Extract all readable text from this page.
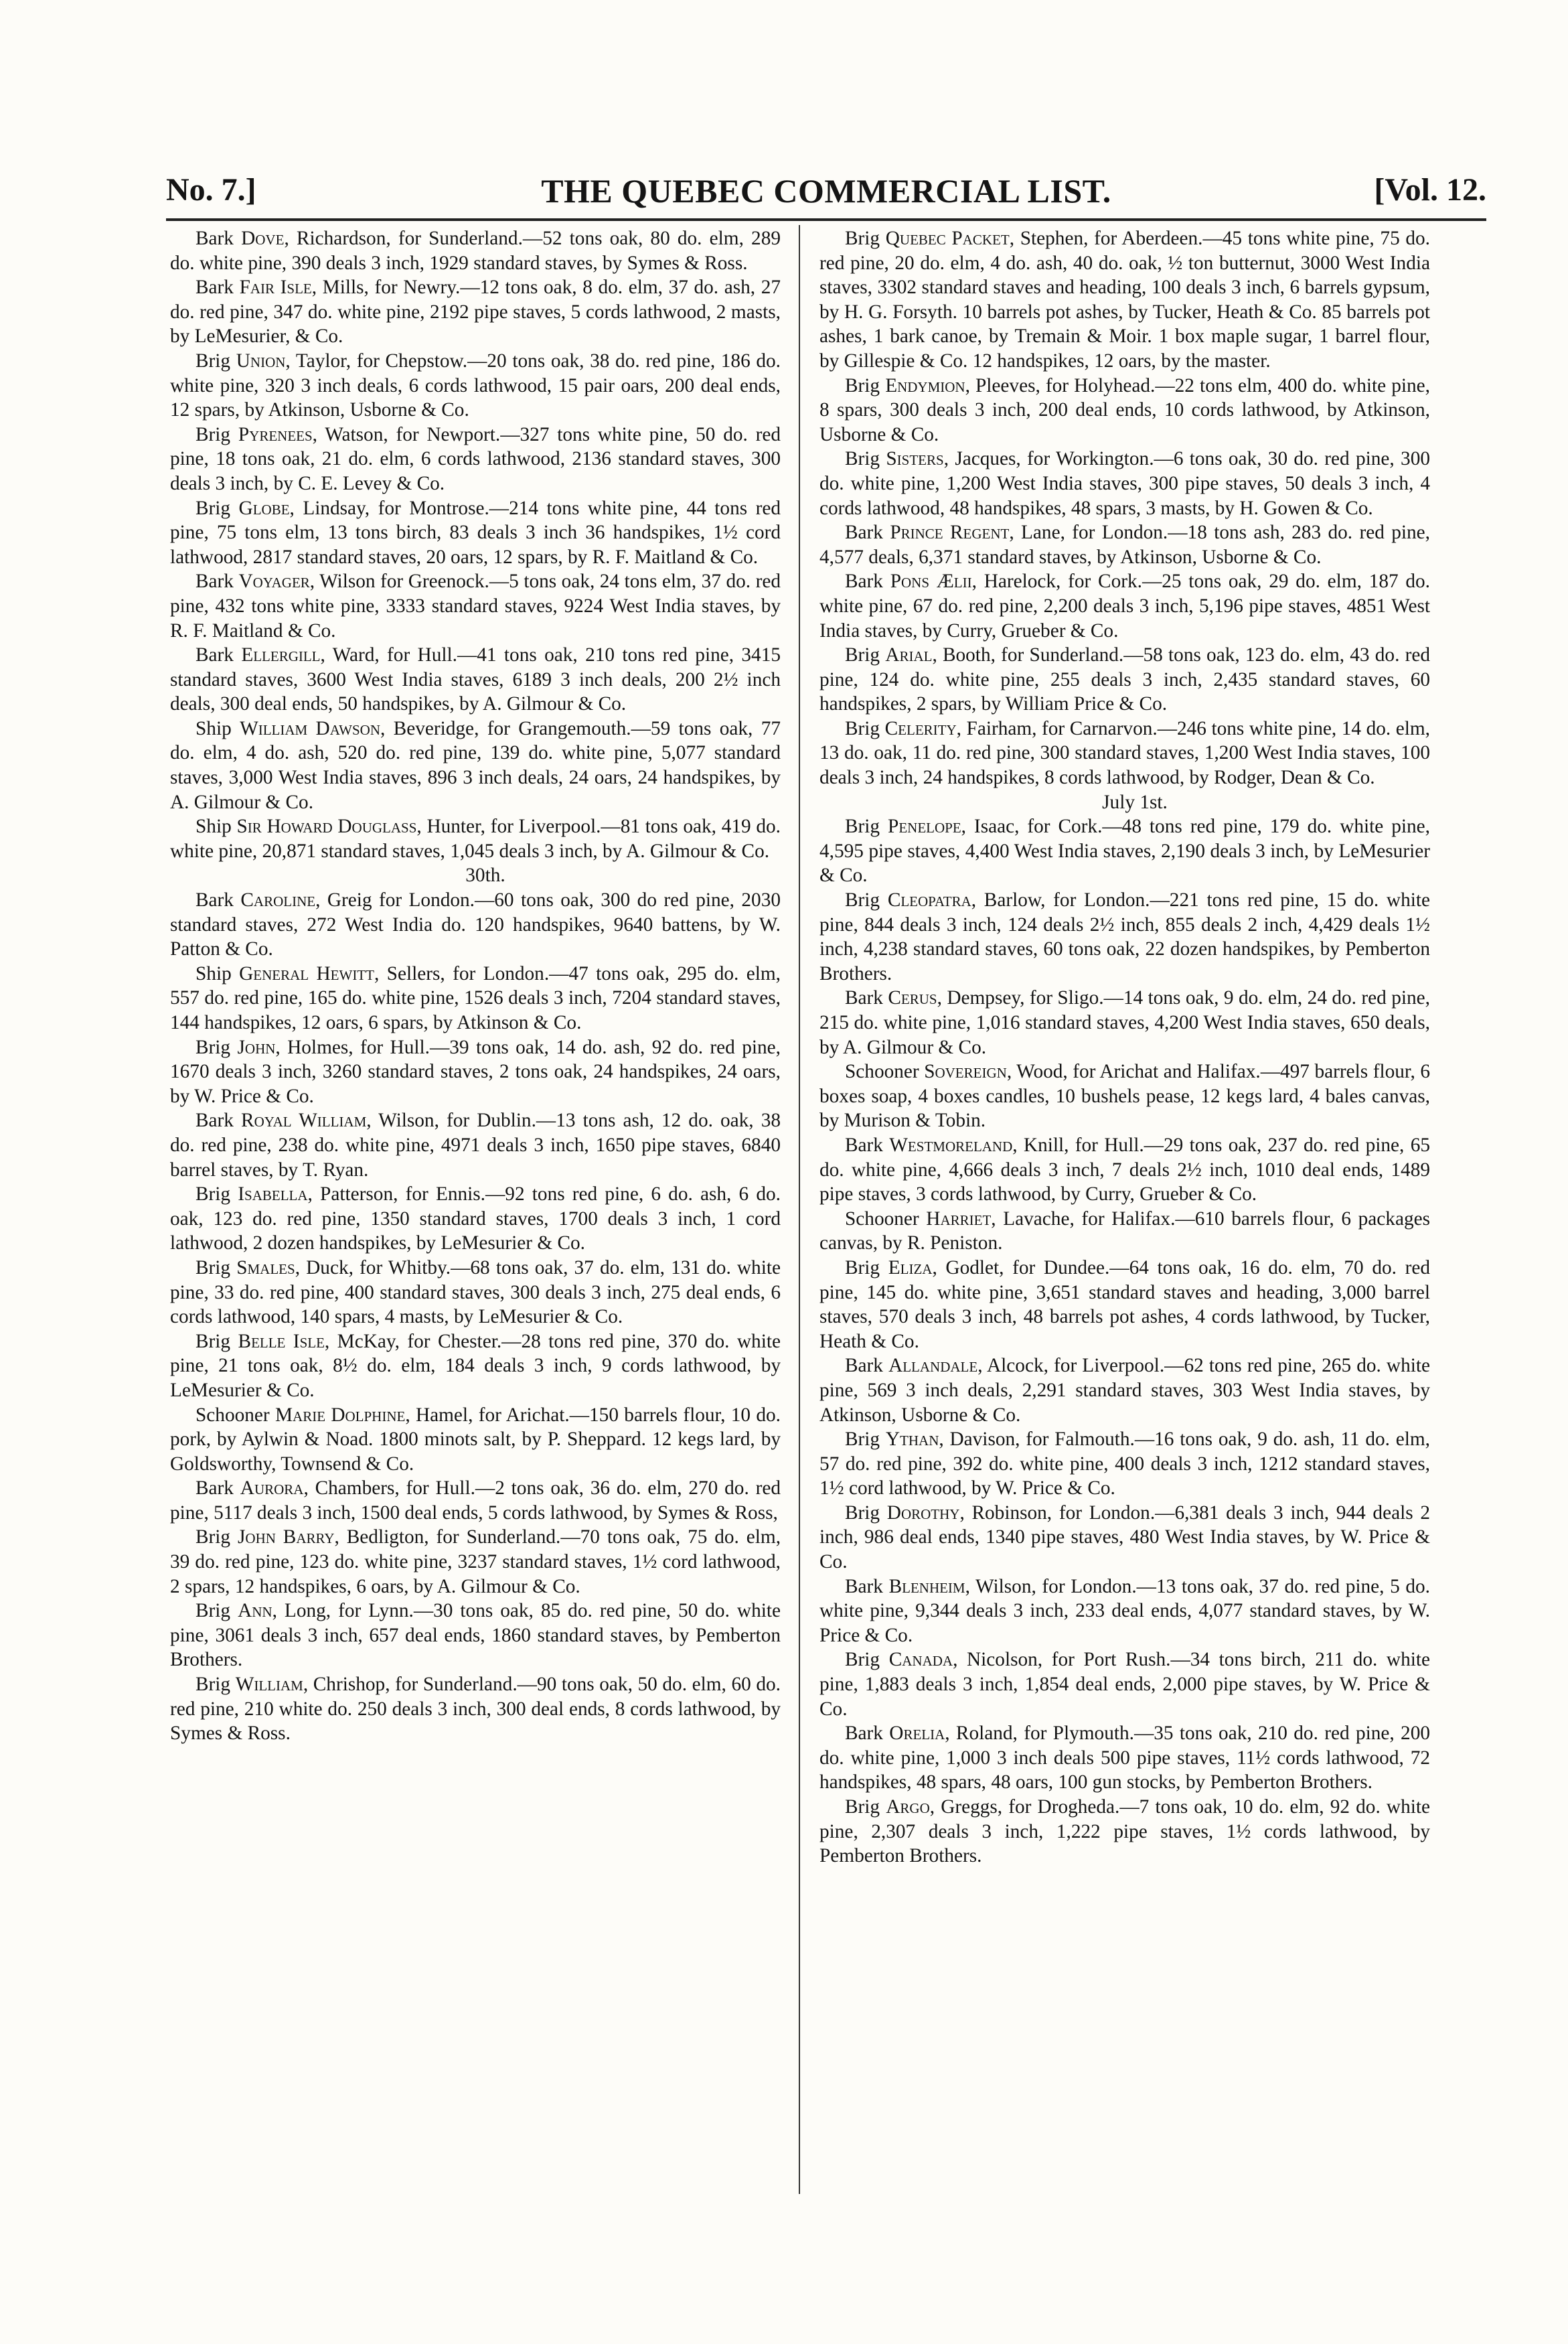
No. 7.]	THE QUEBEC COMMERCIAL LIST.	[Vol. 12.

Bark Dove, Richardson, for Sunderland.—52 tons oak, 80 do. elm, 289 do. white pine, 390 deals 3 inch, 1929 standard staves, by Symes & Ross.

Bark Fair Isle, Mills, for Newry.—12 tons oak, 8 do. elm, 37 do. ash, 27 do. red pine, 347 do. white pine, 2192 pipe staves, 5 cords lathwood, 2 masts, by LeMesurier, & Co.

Brig Union, Taylor, for Chepstow.—20 tons oak, 38 do. red pine, 186 do. white pine, 320 3 inch deals, 6 cords lathwood, 15 pair oars, 200 deal ends, 12 spars, by Atkinson, Usborne & Co.

Brig Pyrenees, Watson, for Newport.—327 tons white pine, 50 do. red pine, 18 tons oak, 21 do. elm, 6 cords lathwood, 2136 standard staves, 300 deals 3 inch, by C. E. Levey & Co.

Brig Globe, Lindsay, for Montrose.—214 tons white pine, 44 tons red pine, 75 tons elm, 13 tons birch, 83 deals 3 inch 36 handspikes, 1½ cord lathwood, 2817 standard staves, 20 oars, 12 spars, by R. F. Maitland & Co.

Bark Voyager, Wilson for Greenock.—5 tons oak, 24 tons elm, 37 do. red pine, 432 tons white pine, 3333 standard staves, 9224 West India staves, by R. F. Maitland & Co.

Bark Ellergill, Ward, for Hull.—41 tons oak, 210 tons red pine, 3415 standard staves, 3600 West India staves, 6189 3 inch deals, 200 2½ inch deals, 300 deal ends, 50 handspikes, by A. Gilmour & Co.

Ship William Dawson, Beveridge, for Grangemouth.—59 tons oak, 77 do. elm, 4 do. ash, 520 do. red pine, 139 do. white pine, 5,077 standard staves, 3,000 West India staves, 896 3 inch deals, 24 oars, 24 handspikes, by A. Gilmour & Co.

Ship Sir Howard Douglass, Hunter, for Liverpool.—81 tons oak, 419 do. white pine, 20,871 standard staves, 1,045 deals 3 inch, by A. Gilmour & Co.

30th.

Bark Caroline, Greig for London.—60 tons oak, 300 do red pine, 2030 standard staves, 272 West India do. 120 handspikes, 9640 battens, by W. Patton & Co.

Ship General Hewitt, Sellers, for London.—47 tons oak, 295 do. elm, 557 do. red pine, 165 do. white pine, 1526 deals 3 inch, 7204 standard staves, 144 handspikes, 12 oars, 6 spars, by Atkinson & Co.

Brig John, Holmes, for Hull.—39 tons oak, 14 do. ash, 92 do. red pine, 1670 deals 3 inch, 3260 standard staves, 2 tons oak, 24 handspikes, 24 oars, by W. Price & Co.

Bark Royal William, Wilson, for Dublin.—13 tons ash, 12 do. oak, 38 do. red pine, 238 do. white pine, 4971 deals 3 inch, 1650 pipe staves, 6840 barrel staves, by T. Ryan.

Brig Isabella, Patterson, for Ennis.—92 tons red pine, 6 do. ash, 6 do. oak, 123 do. red pine, 1350 standard staves, 1700 deals 3 inch, 1 cord lathwood, 2 dozen handspikes, by LeMesurier & Co.

Brig Smales, Duck, for Whitby.—68 tons oak, 37 do. elm, 131 do. white pine, 33 do. red pine, 400 standard staves, 300 deals 3 inch, 275 deal ends, 6 cords lathwood, 140 spars, 4 masts, by LeMesurier & Co.

Brig Belle Isle, McKay, for Chester.—28 tons red pine, 370 do. white pine, 21 tons oak, 8½ do. elm, 184 deals 3 inch, 9 cords lathwood, by LeMesurier & Co.

Schooner Marie Dolphine, Hamel, for Arichat.—150 barrels flour, 10 do. pork, by Aylwin & Noad. 1800 minots salt, by P. Sheppard. 12 kegs lard, by Goldsworthy, Townsend & Co.

Bark Aurora, Chambers, for Hull.—2 tons oak, 36 do. elm, 270 do. red pine, 5117 deals 3 inch, 1500 deal ends, 5 cords lathwood, by Symes & Ross,

Brig John Barry, Bedligton, for Sunderland.—70 tons oak, 75 do. elm, 39 do. red pine, 123 do. white pine, 3237 standard staves, 1½ cord lathwood, 2 spars, 12 handspikes, 6 oars, by A. Gilmour & Co.

Brig Ann, Long, for Lynn.—30 tons oak, 85 do. red pine, 50 do. white pine, 3061 deals 3 inch, 657 deal ends, 1860 standard staves, by Pemberton Brothers.

Brig William, Chrishop, for Sunderland.—90 tons oak, 50 do. elm, 60 do. red pine, 210 white do. 250 deals 3 inch, 300 deal ends, 8 cords lathwood, by Symes & Ross.

Brig Quebec Packet, Stephen, for Aberdeen.—45 tons white pine, 75 do. red pine, 20 do. elm, 4 do. ash, 40 do. oak, ½ ton butternut, 3000 West India staves, 3302 standard staves and heading, 100 deals 3 inch, 6 barrels gypsum, by H. G. Forsyth. 10 barrels pot ashes, by Tucker, Heath & Co. 85 barrels pot ashes, 1 bark canoe, by Tremain & Moir. 1 box maple sugar, 1 barrel flour, by Gillespie & Co. 12 handspikes, 12 oars, by the master.

Brig Endymion, Pleeves, for Holyhead.—22 tons elm, 400 do. white pine, 8 spars, 300 deals 3 inch, 200 deal ends, 10 cords lathwood, by Atkinson, Usborne & Co.

Brig Sisters, Jacques, for Workington.—6 tons oak, 30 do. red pine, 300 do. white pine, 1,200 West India staves, 300 pipe staves, 50 deals 3 inch, 4 cords lathwood, 48 handspikes, 48 spars, 3 masts, by H. Gowen & Co.

Bark Prince Regent, Lane, for London.—18 tons ash, 283 do. red pine, 4,577 deals, 6,371 standard staves, by Atkinson, Usborne & Co.

Bark Pons Ælii, Harelock, for Cork.—25 tons oak, 29 do. elm, 187 do. white pine, 67 do. red pine, 2,200 deals 3 inch, 5,196 pipe staves, 4851 West India staves, by Curry, Grueber & Co.

Brig Arial, Booth, for Sunderland.—58 tons oak, 123 do. elm, 43 do. red pine, 124 do. white pine, 255 deals 3 inch, 2,435 standard staves, 60 handspikes, 2 spars, by William Price & Co.

Brig Celerity, Fairham, for Carnarvon.—246 tons white pine, 14 do. elm, 13 do. oak, 11 do. red pine, 300 standard staves, 1,200 West India staves, 100 deals 3 inch, 24 handspikes, 8 cords lathwood, by Rodger, Dean & Co.

July 1st.

Brig Penelope, Isaac, for Cork.—48 tons red pine, 179 do. white pine, 4,595 pipe staves, 4,400 West India staves, 2,190 deals 3 inch, by LeMesurier & Co.

Brig Cleopatra, Barlow, for London.—221 tons red pine, 15 do. white pine, 844 deals 3 inch, 124 deals 2½ inch, 855 deals 2 inch, 4,429 deals 1½ inch, 4,238 standard staves, 60 tons oak, 22 dozen handspikes, by Pemberton Brothers.

Bark Cerus, Dempsey, for Sligo.—14 tons oak, 9 do. elm, 24 do. red pine, 215 do. white pine, 1,016 standard staves, 4,200 West India staves, 650 deals, by A. Gilmour & Co.

Schooner Sovereign, Wood, for Arichat and Halifax.—497 barrels flour, 6 boxes soap, 4 boxes candles, 10 bushels pease, 12 kegs lard, 4 bales canvas, by Murison & Tobin.

Bark Westmoreland, Knill, for Hull.—29 tons oak, 237 do. red pine, 65 do. white pine, 4,666 deals 3 inch, 7 deals 2½ inch, 1010 deal ends, 1489 pipe staves, 3 cords lathwood, by Curry, Grueber & Co.

Schooner Harriet, Lavache, for Halifax.—610 barrels flour, 6 packages canvas, by R. Peniston.

Brig Eliza, Godlet, for Dundee.—64 tons oak, 16 do. elm, 70 do. red pine, 145 do. white pine, 3,651 standard staves and heading, 3,000 barrel staves, 570 deals 3 inch, 48 barrels pot ashes, 4 cords lathwood, by Tucker, Heath & Co.

Bark Allandale, Alcock, for Liverpool.—62 tons red pine, 265 do. white pine, 569 3 inch deals, 2,291 standard staves, 303 West India staves, by Atkinson, Usborne & Co.

Brig Ythan, Davison, for Falmouth.—16 tons oak, 9 do. ash, 11 do. elm, 57 do. red pine, 392 do. white pine, 400 deals 3 inch, 1212 standard staves, 1½ cord lathwood, by W. Price & Co.

Brig Dorothy, Robinson, for London.—6,381 deals 3 inch, 944 deals 2 inch, 986 deal ends, 1340 pipe staves, 480 West India staves, by W. Price & Co.

Bark Blenheim, Wilson, for London.—13 tons oak, 37 do. red pine, 5 do. white pine, 9,344 deals 3 inch, 233 deal ends, 4,077 standard staves, by W. Price & Co.

Brig Canada, Nicolson, for Port Rush.—34 tons birch, 211 do. white pine, 1,883 deals 3 inch, 1,854 deal ends, 2,000 pipe staves, by W. Price & Co.

Bark Orelia, Roland, for Plymouth.—35 tons oak, 210 do. red pine, 200 do. white pine, 1,000 3 inch deals 500 pipe staves, 11½ cords lathwood, 72 handspikes, 48 spars, 48 oars, 100 gun stocks, by Pemberton Brothers.

Brig Argo, Greggs, for Drogheda.—7 tons oak, 10 do. elm, 92 do. white pine, 2,307 deals 3 inch, 1,222 pipe staves, 1½ cords lathwood, by Pemberton Brothers.
